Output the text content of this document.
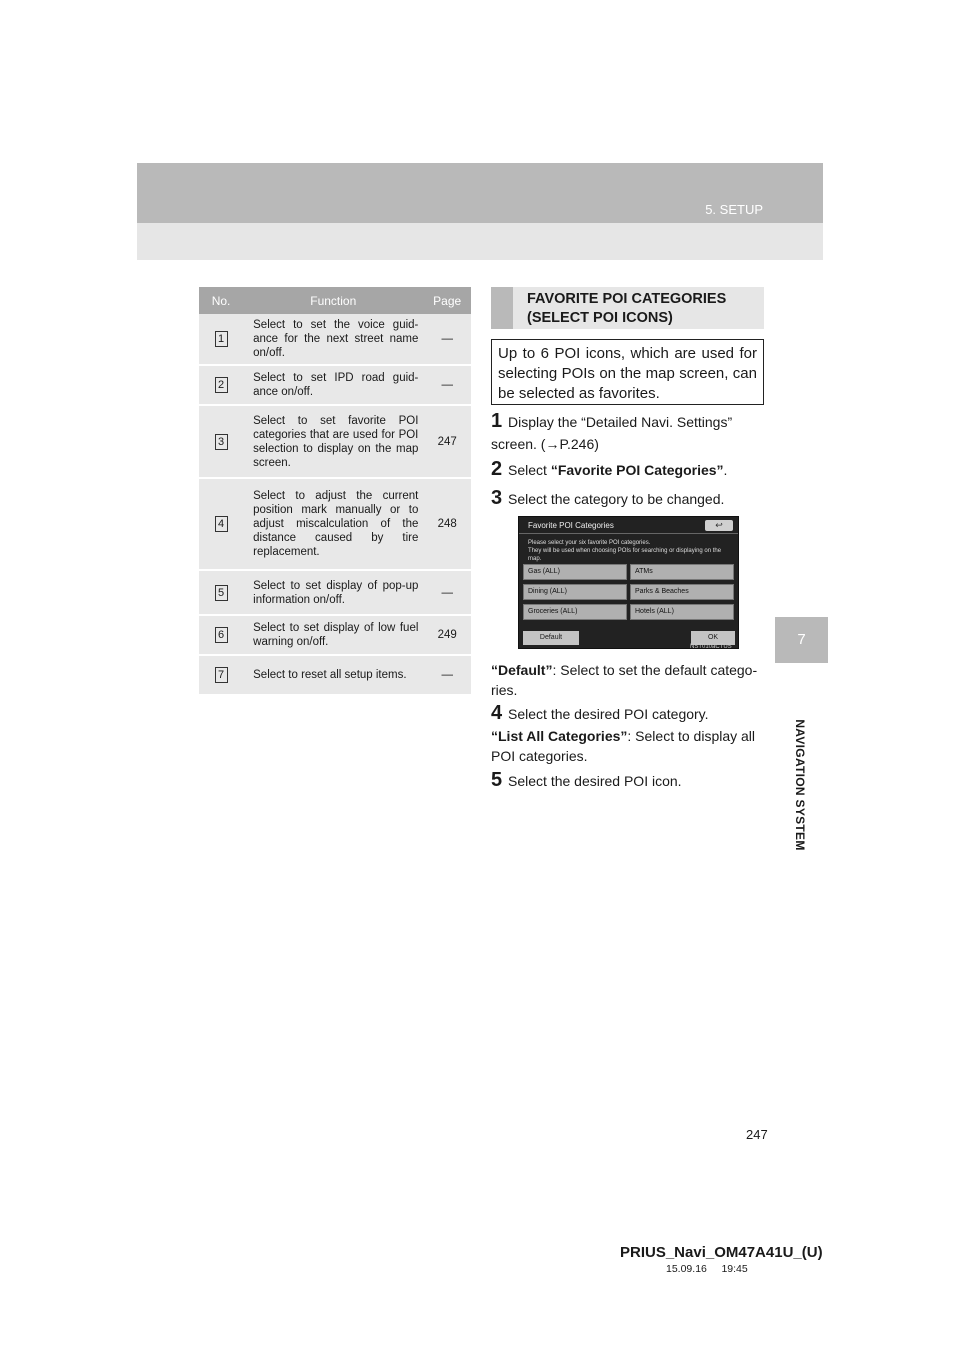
5. SETUP
7
NAVIGATION SYSTEM
No.	Function	Page
1	Select to set the voice guid-ance for the next street name on/off.	—
2	Select to set IPD road guid-ance on/off.	—
3	Select to set favorite POI categories that are used for POI selection to display on the map screen.	247
4	Select to adjust the current position mark manually or to adjust miscalculation of the distance caused by tire replacement.	248
5	Select to set display of pop-up information on/off.	—
6	Select to set display of low fuel warning on/off.	249
7	Select to reset all setup items.	—
FAVORITE POI CATEGORIES (SELECT POI ICONS)
Up to 6 POI icons, which are used for selecting POIs on the map screen, can be selected as favorites.
1 Display the “Detailed Navi. Settings” screen. (→P.246)
2 Select “Favorite POI Categories”.
3 Select the category to be changed.
Favorite POI Categories	↩
Please select your six favorite POI categories.
They will be used when choosing POIs for searching or displaying on the map.
Gas (ALL)	ATMs
Dining (ALL)	Parks & Beaches
Groceries (ALL)	Hotels (ALL)
Default	OK
NST010aCTUS
“Default”: Select to set the default catego-ries.
4 Select the desired POI category.
“List All Categories”: Select to display all POI categories.
5 Select the desired POI icon.
247
PRIUS_Navi_OM47A41U_(U)
15.09.16     19:45
